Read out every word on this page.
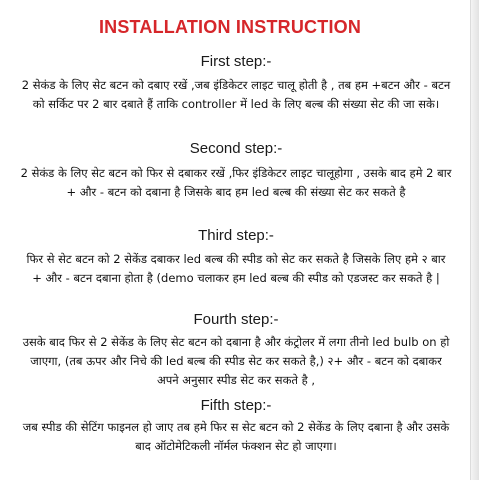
INSTALLATION INSTRUCTION
First step:-
2 सेकंड के लिए सेट बटन को दबाए रखें ,जब इंडिकेटर लाइट चालू होती है , तब हम +बटन और - बटन को सर्किट पर 2 बार दबाते हैं ताकि controller में led के लिए बल्ब की संख्या सेट की जा सके।
Second step:-
2 सेकंड के लिए सेट बटन को फिर से दबाकर रखें ,फिर इंडिकेटर लाइट चालूहोगा , उसके बाद हमे 2 बार + और - बटन को दबाना है जिसके बाद हम led बल्ब की संख्या सेट कर सकते है
Third step:-
फिर से सेट बटन को 2 सेकेंड दबाकर led बल्ब की स्पीड को सेट कर सकते है जिसके लिए हमे २ बार + और - बटन दबाना होता है (demo चलाकर हम led बल्ब की स्पीड को एडजस्ट कर सकते है |
Fourth step:-
उसके बाद फिर से 2 सेकेंड के लिए सेट बटन को दबाना है और कंट्रोलर में लगा तीनो led bulb on हो जाएगा, (तब ऊपर और निचे की led बल्ब की स्पीड सेट कर सकते है,) २+ और - बटन को दबाकर अपने अनुसार स्पीड सेट कर सकते है ,
Fifth step:-
जब स्पीड की सेटिंग फाइनल हो जाए तब हमे फिर स सेट बटन को 2 सेकेंड के लिए दबाना है और उसके बाद ऑटोमेटिकली नॉर्मल फंक्शन सेट हो जाएगा।
